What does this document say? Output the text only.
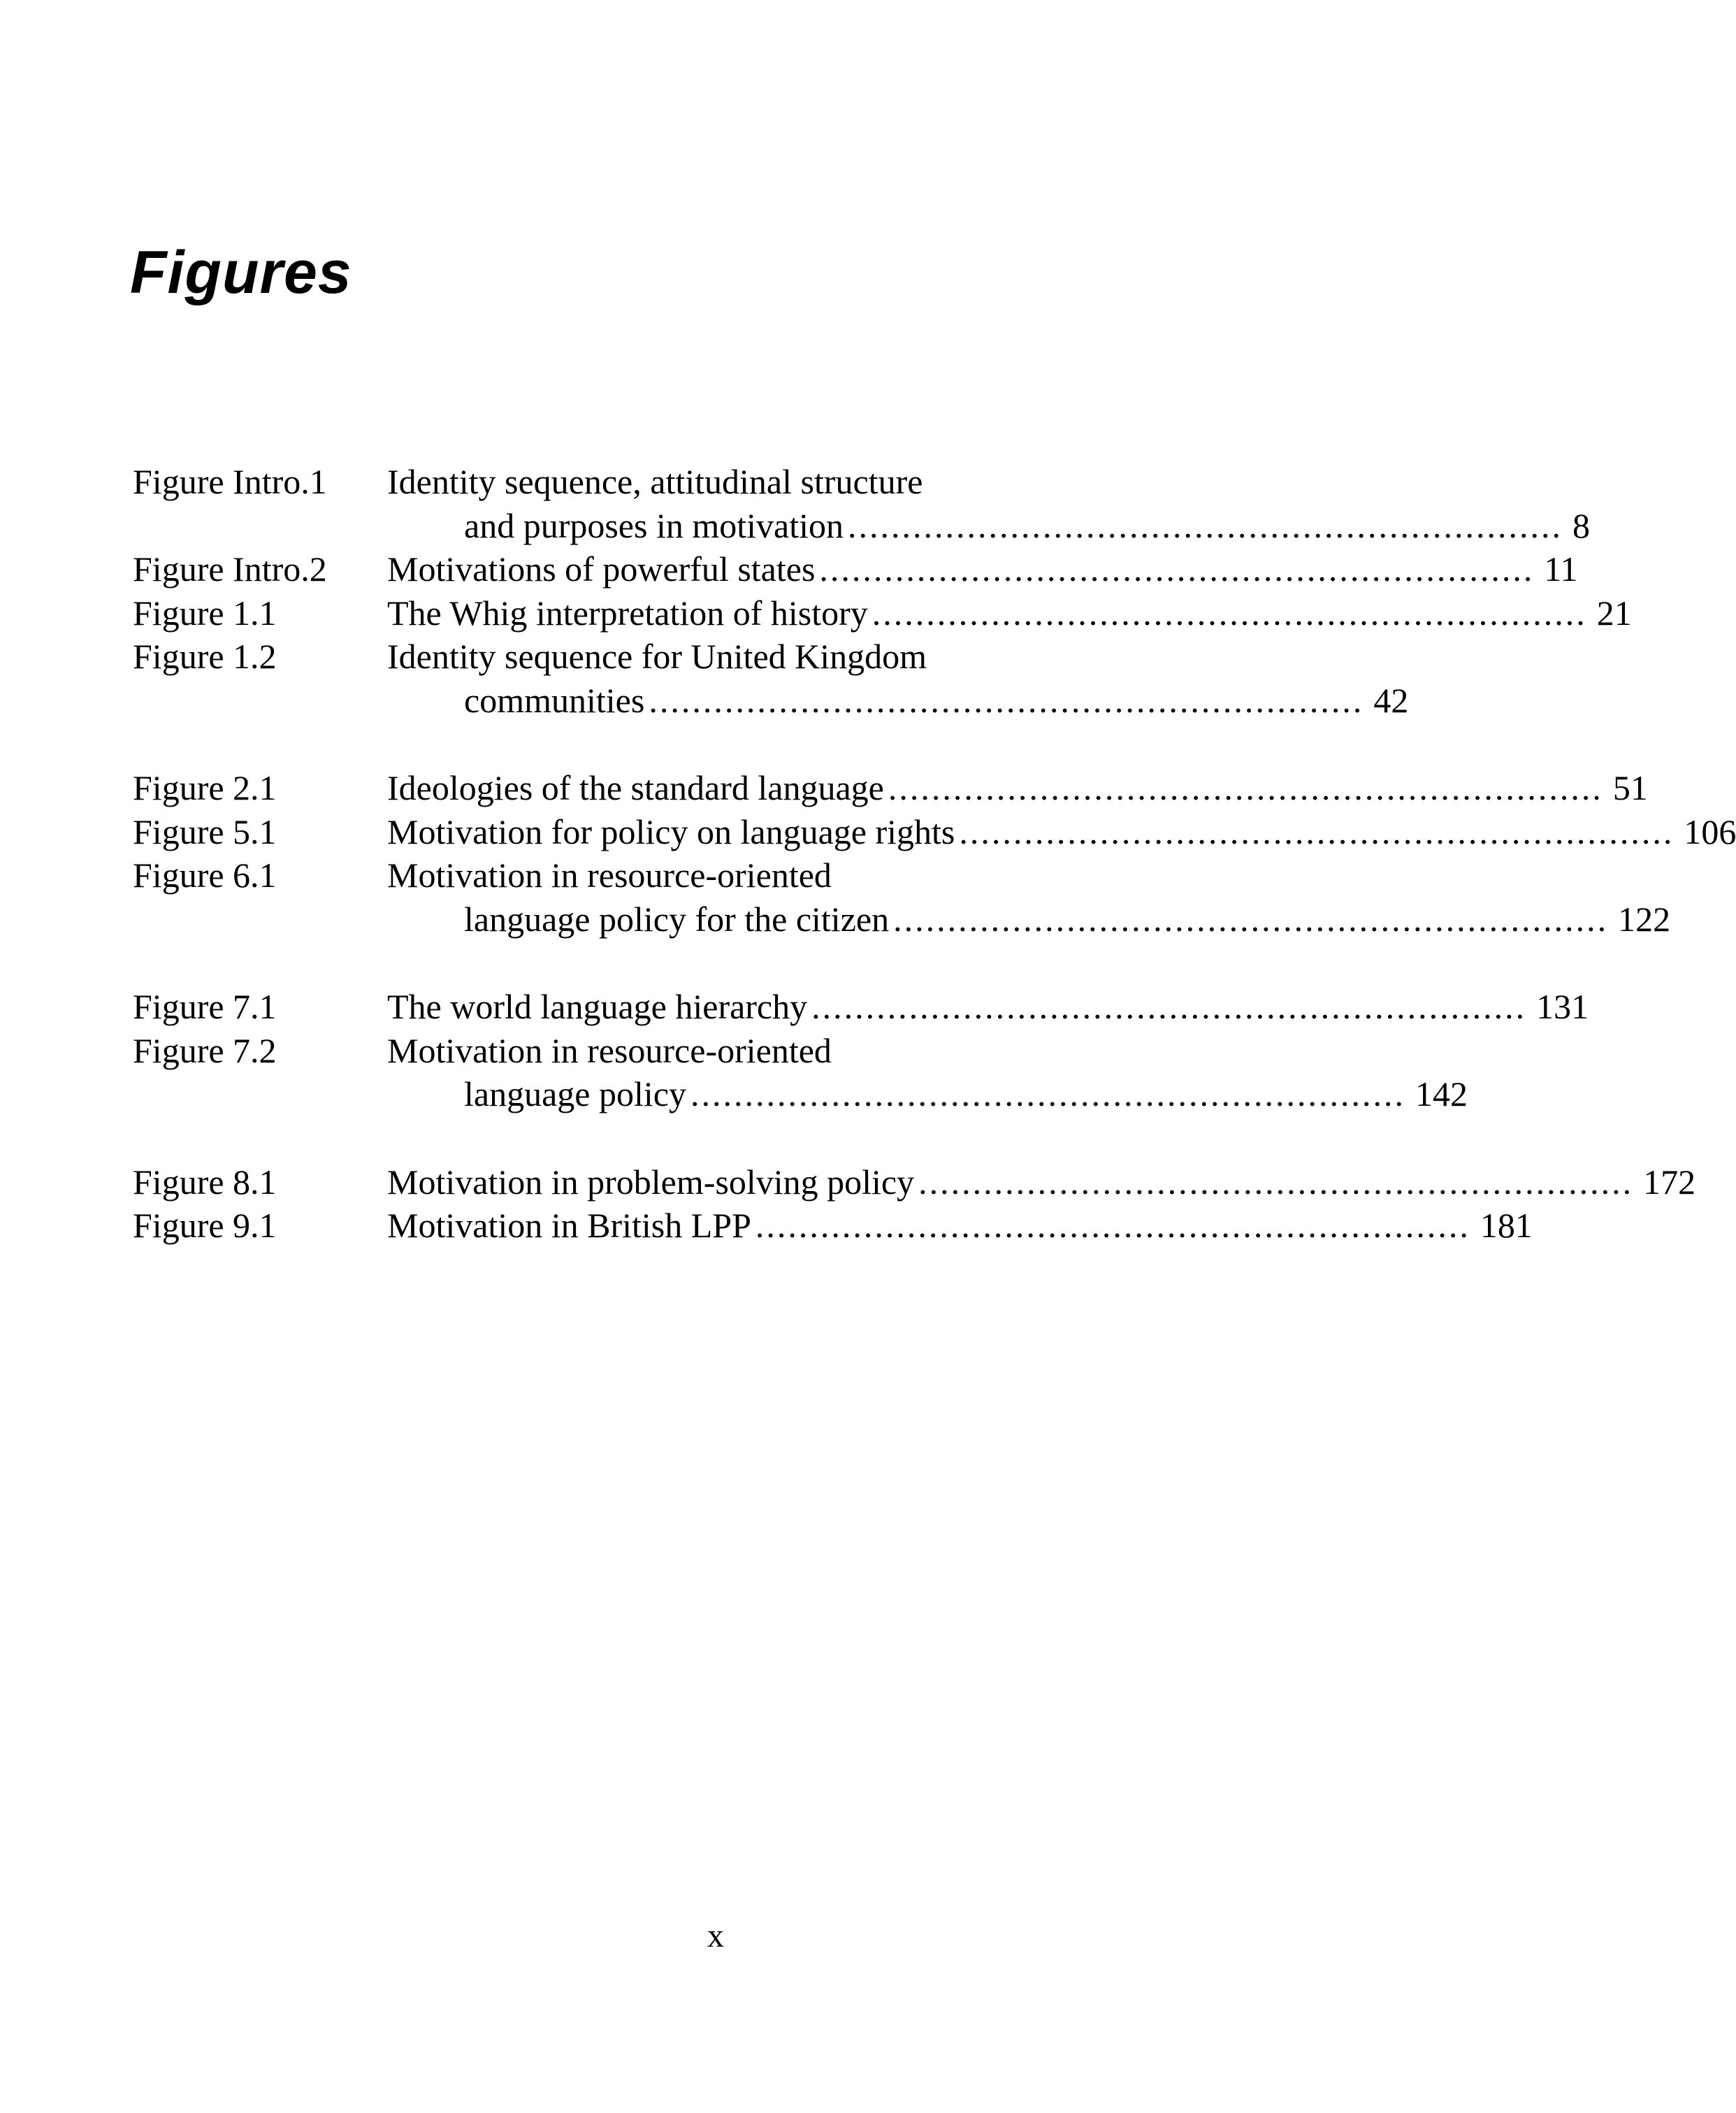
Figures
Figure Intro.1 Identity sequence, attitudinal structure
and purposes in motivation .................................................................. 8
Figure Intro.2 Motivations of powerful states .................................................................. 11
Figure 1.1	The Whig interpretation of history .................................................................. 21
Figure 1.2	Identity sequence for United Kingdom
communities .................................................................. 42
Figure 2.1	Ideologies of the standard language .................................................................. 51
Figure 5.1	Motivation for policy on language rights .................................................................. 106
Figure 6.1	Motivation in resource-oriented
language policy for the citizen .................................................................. 122
Figure 7.1	The world language hierarchy .................................................................. 131
Figure 7.2	Motivation in resource-oriented
language policy .................................................................. 142
Figure 8.1	Motivation in problem-solving policy .................................................................. 172
Figure 9.1	Motivation in British LPP .................................................................. 181
x
